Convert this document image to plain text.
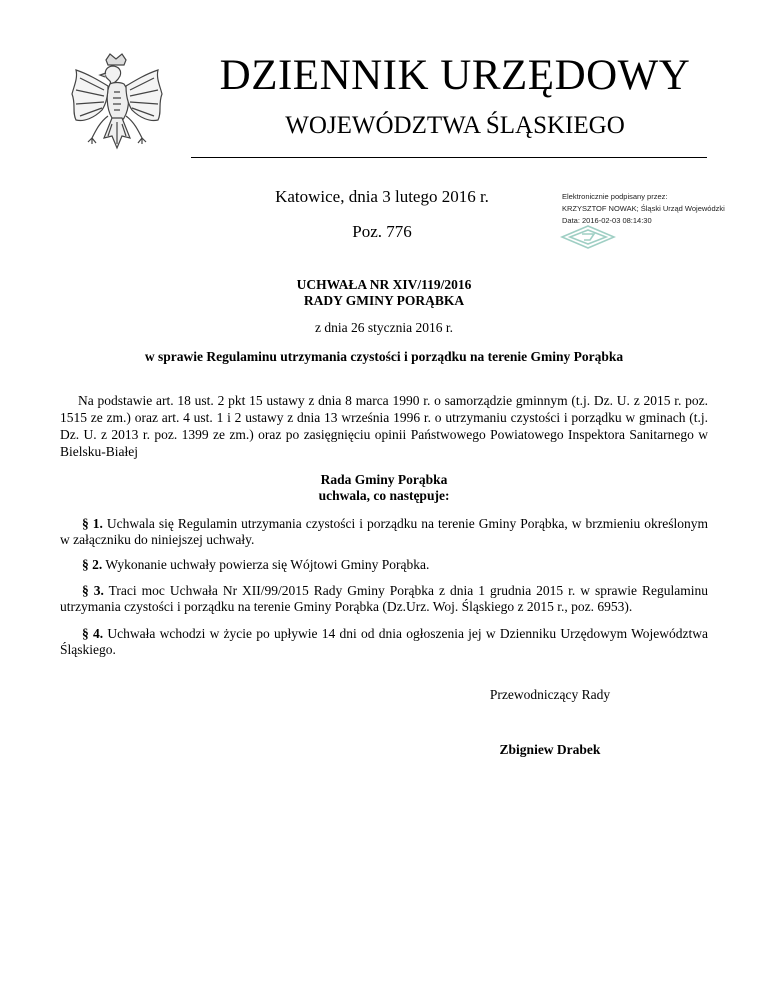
DZIENNIK URZĘDOWY
WOJEWÓDZTWA ŚLĄSKIEGO
Katowice, dnia 3 lutego 2016 r.
Poz. 776
Elektronicznie podpisany przez:
KRZYSZTOF NOWAK; Śląski Urząd Wojewódzki
Data: 2016-02-03 08:14:30
UCHWAŁA NR XIV/119/2016
RADY GMINY PORĄBKA
z dnia 26 stycznia 2016 r.
w sprawie Regulaminu utrzymania czystości i porządku na terenie Gminy Porąbka

Na podstawie art. 18 ust. 2 pkt 15 ustawy z dnia 8 marca 1990 r. o samorządzie gminnym (t.j. Dz. U. z 2015 r. poz. 1515 ze zm.) oraz art. 4 ust. 1 i 2 ustawy z dnia 13 września 1996 r. o utrzymaniu czystości i porządku w gminach (t.j. Dz. U. z 2013 r. poz. 1399 ze zm.) oraz po zasięgnięciu opinii Państwowego Powiatowego Inspektora Sanitarnego w Bielsku-Białej

Rada Gminy Porąbka
uchwala, co następuje:

§ 1. Uchwala się Regulamin utrzymania czystości i porządku na terenie Gminy Porąbka, w brzmieniu określonym w załączniku do niniejszej uchwały.

§ 2. Wykonanie uchwały powierza się Wójtowi Gminy Porąbka.

§ 3. Traci moc Uchwała Nr XII/99/2015 Rady Gminy Porąbka z dnia 1 grudnia 2015 r. w sprawie Regulaminu utrzymania czystości i porządku na terenie Gminy Porąbka (Dz.Urz. Woj. Śląskiego z 2015 r., poz. 6953).

§ 4. Uchwała wchodzi w życie po upływie 14 dni od dnia ogłoszenia jej w Dzienniku Urzędowym Województwa Śląskiego.

Przewodniczący Rady
Zbigniew Drabek
